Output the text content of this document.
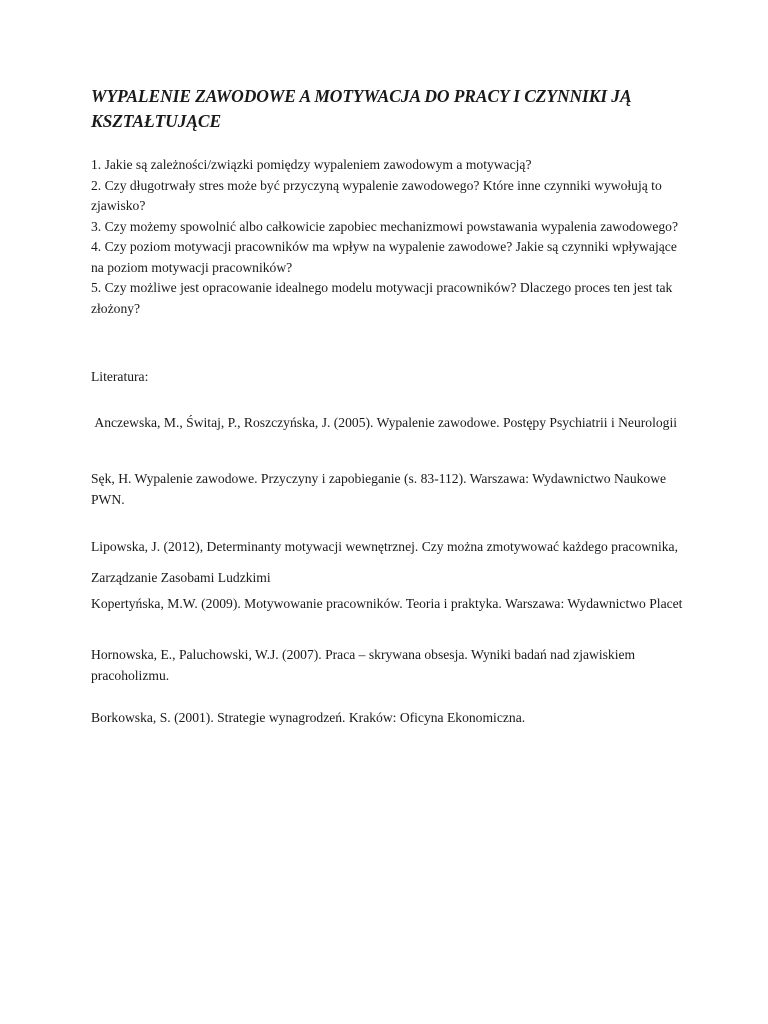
WYPALENIE ZAWODOWE A MOTYWACJA DO PRACY I CZYNNIKI JĄ KSZTAŁTUJĄCE
1. Jakie są zależności/związki pomiędzy wypaleniem zawodowym a motywacją?
2. Czy długotrwały stres może być przyczyną wypalenie zawodowego? Które inne czynniki wywołują to zjawisko?
3. Czy możemy spowolnić albo całkowicie zapobiec mechanizmowi powstawania wypalenia zawodowego?
4. Czy poziom motywacji pracowników ma wpływ na wypalenie zawodowe? Jakie są czynniki wpływające na poziom motywacji pracowników?
5. Czy możliwe jest opracowanie idealnego modelu motywacji pracowników? Dlaczego proces ten jest tak złożony?

Literatura:

Anczewska, M., Świtaj, P., Roszczyńska, J. (2005). Wypalenie zawodowe. Postępy Psychiatrii i Neurologii

Sęk, H. Wypalenie zawodowe. Przyczyny i zapobieganie (s. 83-112). Warszawa: Wydawnictwo Naukowe PWN.

Lipowska, J. (2012), Determinanty motywacji wewnętrznej. Czy można zmotywować każdego pracownika, Zarządzanie Zasobami Ludzkimi

Kopertyńska, M.W. (2009). Motywowanie pracowników. Teoria i praktyka. Warszawa: Wydawnictwo Placet

Hornowska, E., Paluchowski, W.J. (2007). Praca – skrywana obsesja. Wyniki badań nad zjawiskiem pracoholizmu.

Borkowska, S. (2001). Strategie wynagrodzeń. Kraków: Oficyna Ekonomiczna.
